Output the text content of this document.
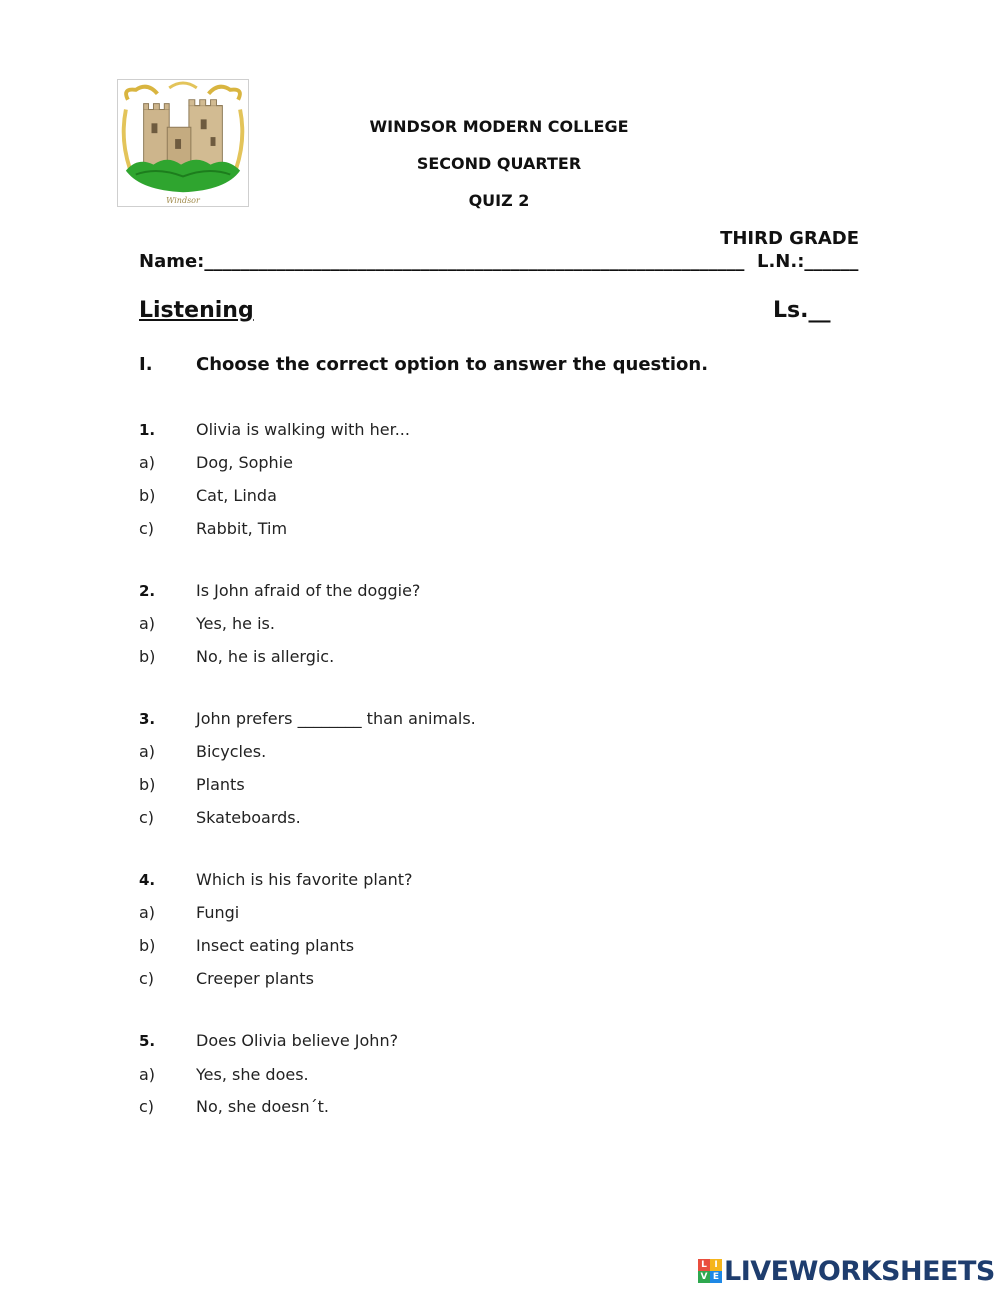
Windsor
WINDSOR MODERN COLLEGE
SECOND QUARTER
QUIZ 2
THIRD GRADE
Name:____________________________________________________________ L.N.:______
Listening	Ls.__
I. Choose the correct option to answer the question.
1.	Olivia is walking with her...
a)	Dog, Sophie
b)	Cat, Linda
c)	Rabbit, Tim
2.	Is John afraid of the doggie?
a)	Yes, he is.
b)	No, he is allergic.
3.	John prefers ________ than animals.
a)	Bicycles.
b)	Plants
c)	Skateboards.
4.	Which is his favorite plant?
a)	Fungi
b)	Insect eating plants
c)	Creeper plants
5.	Does Olivia believe John?
a)	Yes, she does.
c)	No, she doesn´t.
L I
V E LIVEWORKSHEETS
